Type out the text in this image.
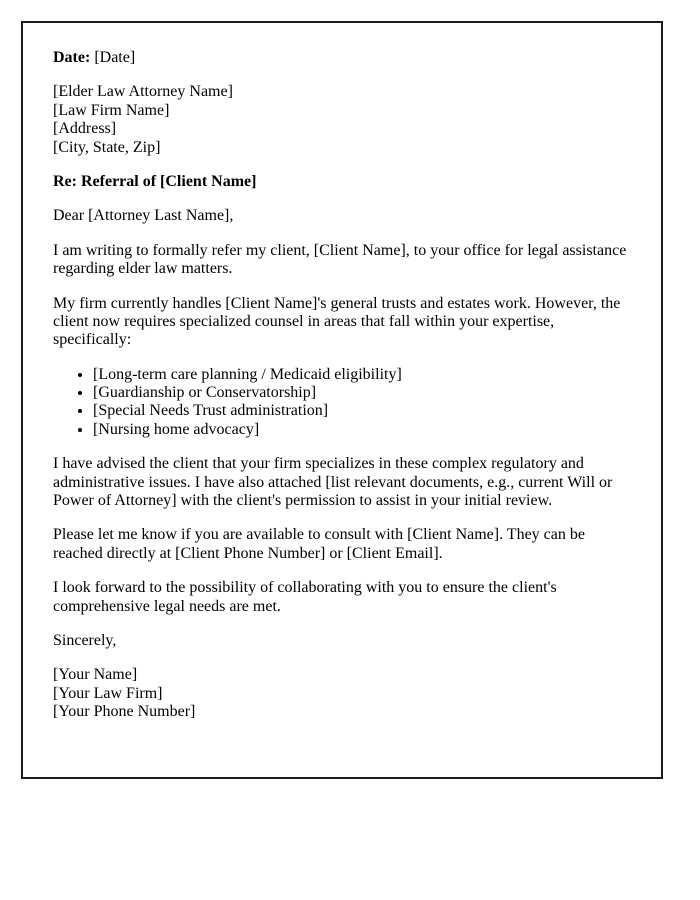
Date: [Date]

[Elder Law Attorney Name]
[Law Firm Name]
[Address]
[City, State, Zip]

Re: Referral of [Client Name]

Dear [Attorney Last Name],

I am writing to formally refer my client, [Client Name], to your office for legal assistance regarding elder law matters.

My firm currently handles [Client Name]'s general trusts and estates work. However, the client now requires specialized counsel in areas that fall within your expertise, specifically:

• [Long-term care planning / Medicaid eligibility]
• [Guardianship or Conservatorship]
• [Special Needs Trust administration]
• [Nursing home advocacy]

I have advised the client that your firm specializes in these complex regulatory and administrative issues. I have also attached [list relevant documents, e.g., current Will or Power of Attorney] with the client's permission to assist in your initial review.

Please let me know if you are available to consult with [Client Name]. They can be reached directly at [Client Phone Number] or [Client Email].

I look forward to the possibility of collaborating with you to ensure the client's comprehensive legal needs are met.

Sincerely,

[Your Name]
[Your Law Firm]
[Your Phone Number]
